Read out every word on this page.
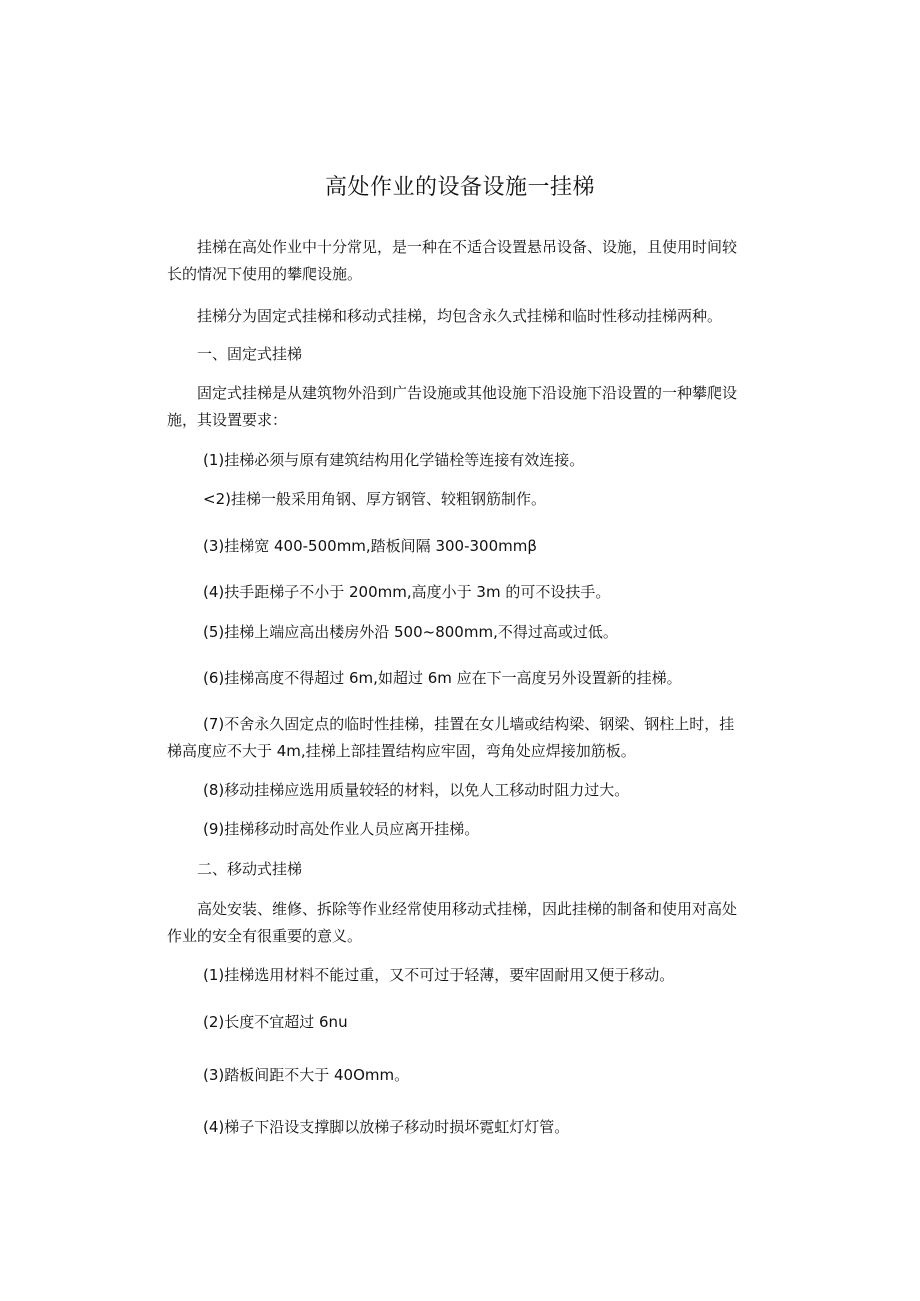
高处作业的设备设施一挂梯

挂梯在高处作业中十分常见，是一种在不适合设置悬吊设备、设施，且使用时间较长的情况下使用的攀爬设施。

挂梯分为固定式挂梯和移动式挂梯，均包含永久式挂梯和临时性移动挂梯两种。

一、固定式挂梯

固定式挂梯是从建筑物外沿到广告设施或其他设施下沿设施下沿设置的一种攀爬设施，其设置要求：

(1)挂梯必须与原有建筑结构用化学锚栓等连接有效连接。

<2)挂梯一般采用角钢、厚方钢管、较粗钢筋制作。

(3)挂梯宽 400-500mm,踏板间隔 300-300mmβ

(4)扶手距梯子不小于 200mm,高度小于 3m 的可不设扶手。

(5)挂梯上端应高出楼房外沿 500~800mm,不得过高或过低。

(6)挂梯高度不得超过 6m,如超过 6m 应在下一高度另外设置新的挂梯。

(7)不舍永久固定点的临时性挂梯，挂置在女儿墙或结构梁、钢梁、钢柱上时，挂梯高度应不大于 4m,挂梯上部挂置结构应牢固，弯角处应焊接加筋板。

(8)移动挂梯应选用质量较轻的材料，以免人工移动时阻力过大。

(9)挂梯移动时高处作业人员应离开挂梯。

二、移动式挂梯

高处安装、维修、拆除等作业经常使用移动式挂梯，因此挂梯的制备和使用对高处作业的安全有很重要的意义。

(1)挂梯选用材料不能过重，又不可过于轻薄，要牢固耐用又便于移动。

(2)长度不宜超过 6nu

(3)踏板间距不大于 40Omm。

(4)梯子下沿设支撑脚以放梯子移动时损坏霓虹灯灯管。
